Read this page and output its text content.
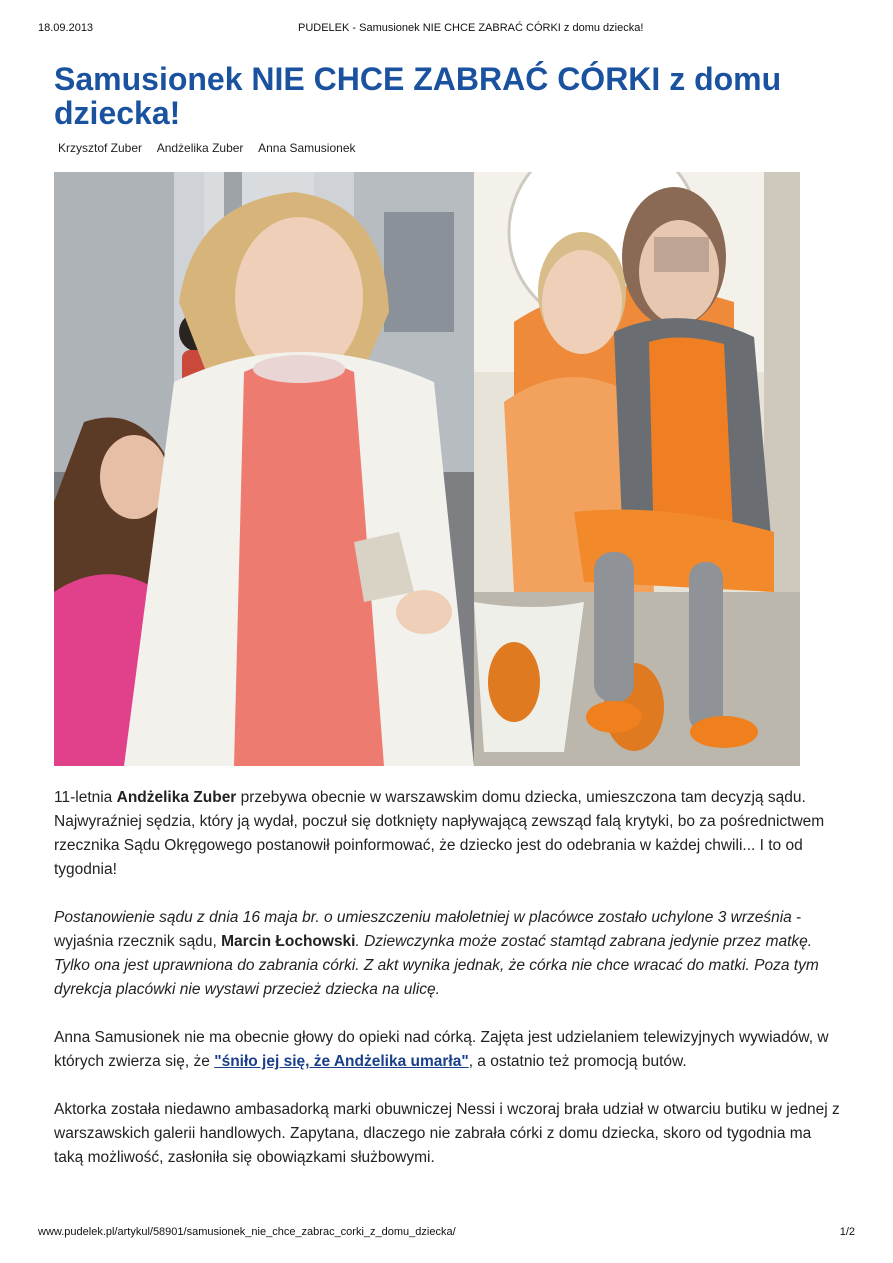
18.09.2013	PUDELEK - Samusionek NIE CHCE ZABRAĆ CÓRKI z domu dziecka!
Samusionek NIE CHCE ZABRAĆ CÓRKI z domu dziecka!
Krzysztof Zuber Andżelika Zuber Anna Samusionek

11-letnia Andżelika Zuber przebywa obecnie w warszawskim domu dziecka, umieszczona tam decyzją sądu. Najwyraźniej sędzia, który ją wydał, poczuł się dotknięty napływającą zewsząd falą krytyki, bo za pośrednictwem rzecznika Sądu Okręgowego postanowił poinformować, że dziecko jest do odebrania w każdej chwili... I to od tygodnia!

Postanowienie sądu z dnia 16 maja br. o umieszczeniu małoletniej w placówce zostało uchylone 3 września - wyjaśnia rzecznik sądu, Marcin Łochowski. Dziewczynka może zostać stamtąd zabrana jedynie przez matkę. Tylko ona jest uprawniona do zabrania córki. Z akt wynika jednak, że córka nie chce wracać do matki. Poza tym dyrekcja placówki nie wystawi przecież dziecka na ulicę.

Anna Samusionek nie ma obecnie głowy do opieki nad córką. Zajęta jest udzielaniem telewizyjnych wywiadów, w których zwierza się, że "śniło jej się, że Andżelika umarła", a ostatnio też promocją butów.

Aktorka została niedawno ambasadorką marki obuwniczej Nessi i wczoraj brała udział w otwarciu butiku w jednej z warszawskich galerii handlowych. Zapytana, dlaczego nie zabrała córki z domu dziecka, skoro od tygodnia ma taką możliwość, zasłoniła się obowiązkami służbowymi.

www.pudelek.pl/artykul/58901/samusionek_nie_chce_zabrac_corki_z_domu_dziecka/	1/2
